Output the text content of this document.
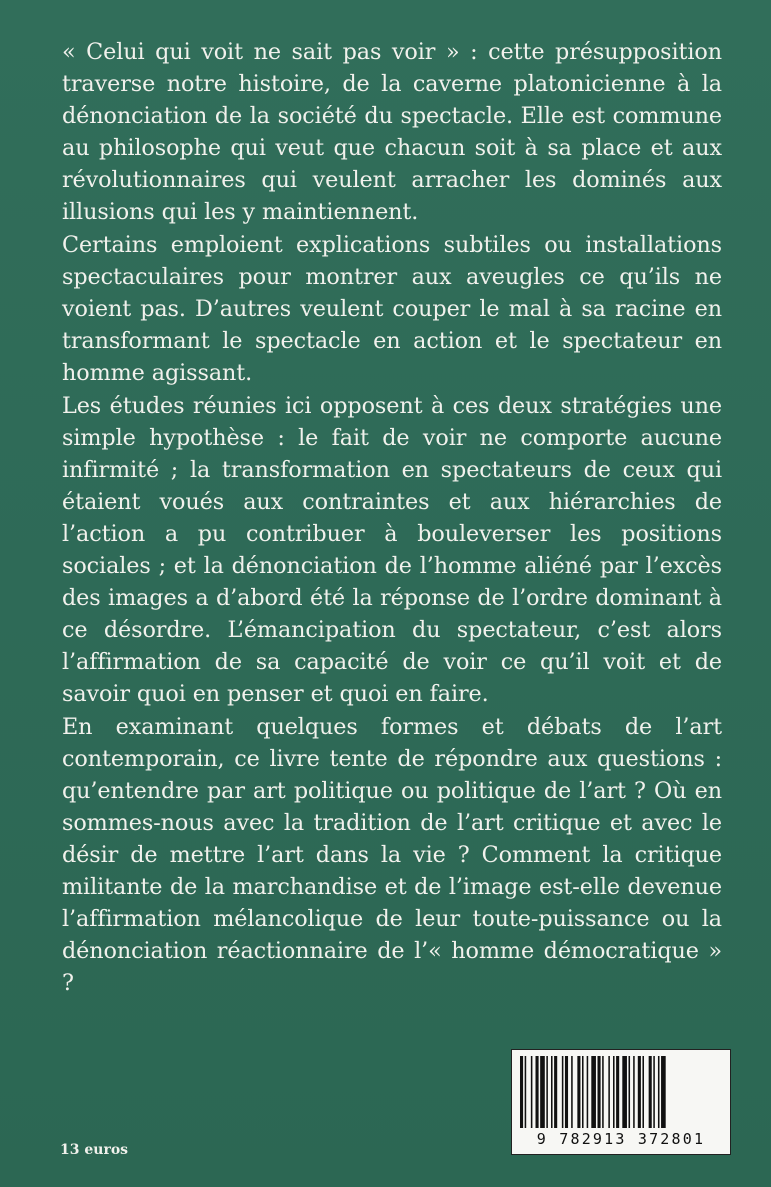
« Celui qui voit ne sait pas voir » : cette présupposition traverse notre histoire, de la caverne platonicienne à la dénonciation de la société du spectacle. Elle est commune au philosophe qui veut que chacun soit à sa place et aux révolutionnaires qui veulent arracher les dominés aux illusions qui les y maintiennent.

Certains emploient explications subtiles ou installations spectaculaires pour montrer aux aveugles ce qu’ils ne voient pas. D’autres veulent couper le mal à sa racine en transformant le spectacle en action et le spectateur en homme agissant.

Les études réunies ici opposent à ces deux stratégies une simple hypothèse : le fait de voir ne comporte aucune infirmité ; la transformation en spectateurs de ceux qui étaient voués aux contraintes et aux hiérarchies de l’action a pu contribuer à bouleverser les positions sociales ; et la dénonciation de l’homme aliéné par l’excès des images a d’abord été la réponse de l’ordre dominant à ce désordre. L’émancipation du spectateur, c’est alors l’affirmation de sa capacité de voir ce qu’il voit et de savoir quoi en penser et quoi en faire.

En examinant quelques formes et débats de l’art contemporain, ce livre tente de répondre aux questions : qu’entendre par art politique ou politique de l’art ? Où en sommes-nous avec la tradition de l’art critique et avec le désir de mettre l’art dans la vie ? Comment la critique militante de la marchandise et de l’image est-elle devenue l’affirmation mélancolique de leur toute-puissance ou la dénonciation réactionnaire de l’« homme démocratique » ?

13 euros
9 782913 372801
